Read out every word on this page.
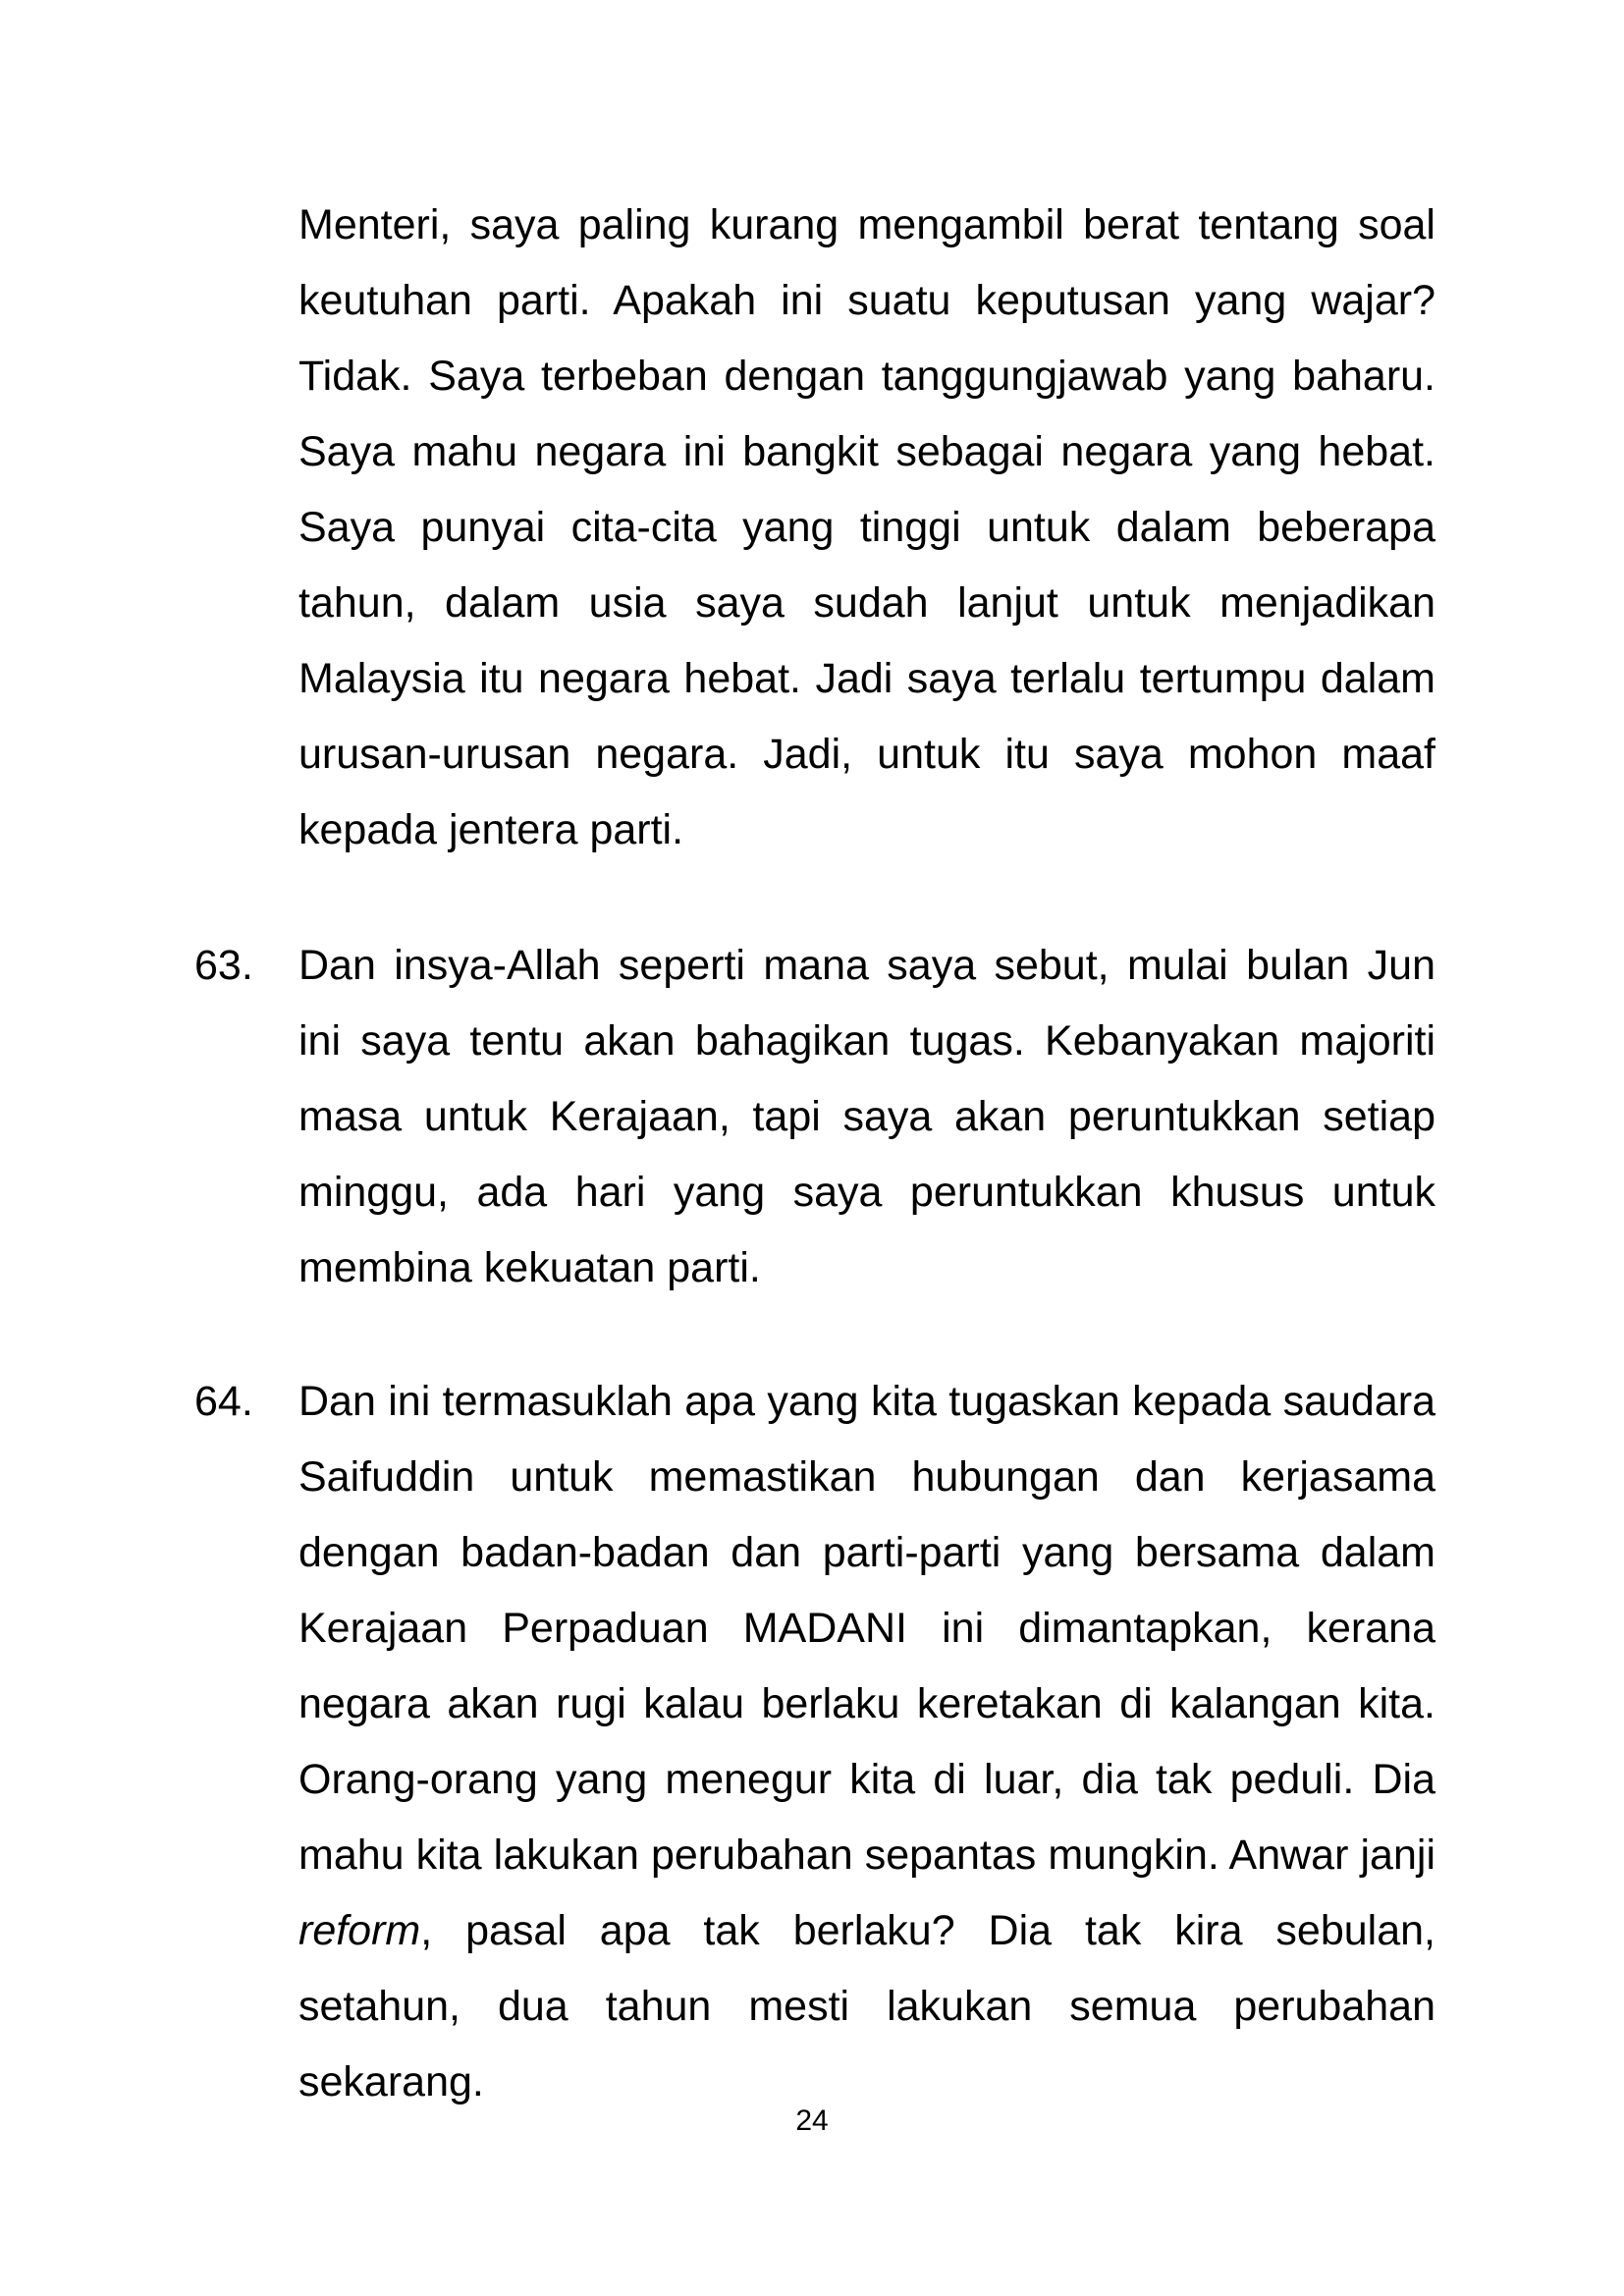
Menteri, saya paling kurang mengambil berat tentang soal keutuhan parti. Apakah ini suatu keputusan yang wajar? Tidak. Saya terbeban dengan tanggungjawab yang baharu. Saya mahu negara ini bangkit sebagai negara yang hebat. Saya punyai cita-cita yang tinggi untuk dalam beberapa tahun, dalam usia saya sudah lanjut untuk menjadikan Malaysia itu negara hebat. Jadi saya terlalu tertumpu dalam urusan-urusan negara. Jadi, untuk itu saya mohon maaf kepada jentera parti.

63. Dan insya-Allah seperti mana saya sebut, mulai bulan Jun ini saya tentu akan bahagikan tugas. Kebanyakan majoriti masa untuk Kerajaan, tapi saya akan peruntukkan setiap minggu, ada hari yang saya peruntukkan khusus untuk membina kekuatan parti.

64. Dan ini termasuklah apa yang kita tugaskan kepada saudara Saifuddin untuk memastikan hubungan dan kerjasama dengan badan-badan dan parti-parti yang bersama dalam Kerajaan Perpaduan MADANI ini dimantapkan, kerana negara akan rugi kalau berlaku keretakan di kalangan kita. Orang-orang yang menegur kita di luar, dia tak peduli. Dia mahu kita lakukan perubahan sepantas mungkin. Anwar janji reform, pasal apa tak berlaku? Dia tak kira sebulan, setahun, dua tahun mesti lakukan semua perubahan sekarang.

24
